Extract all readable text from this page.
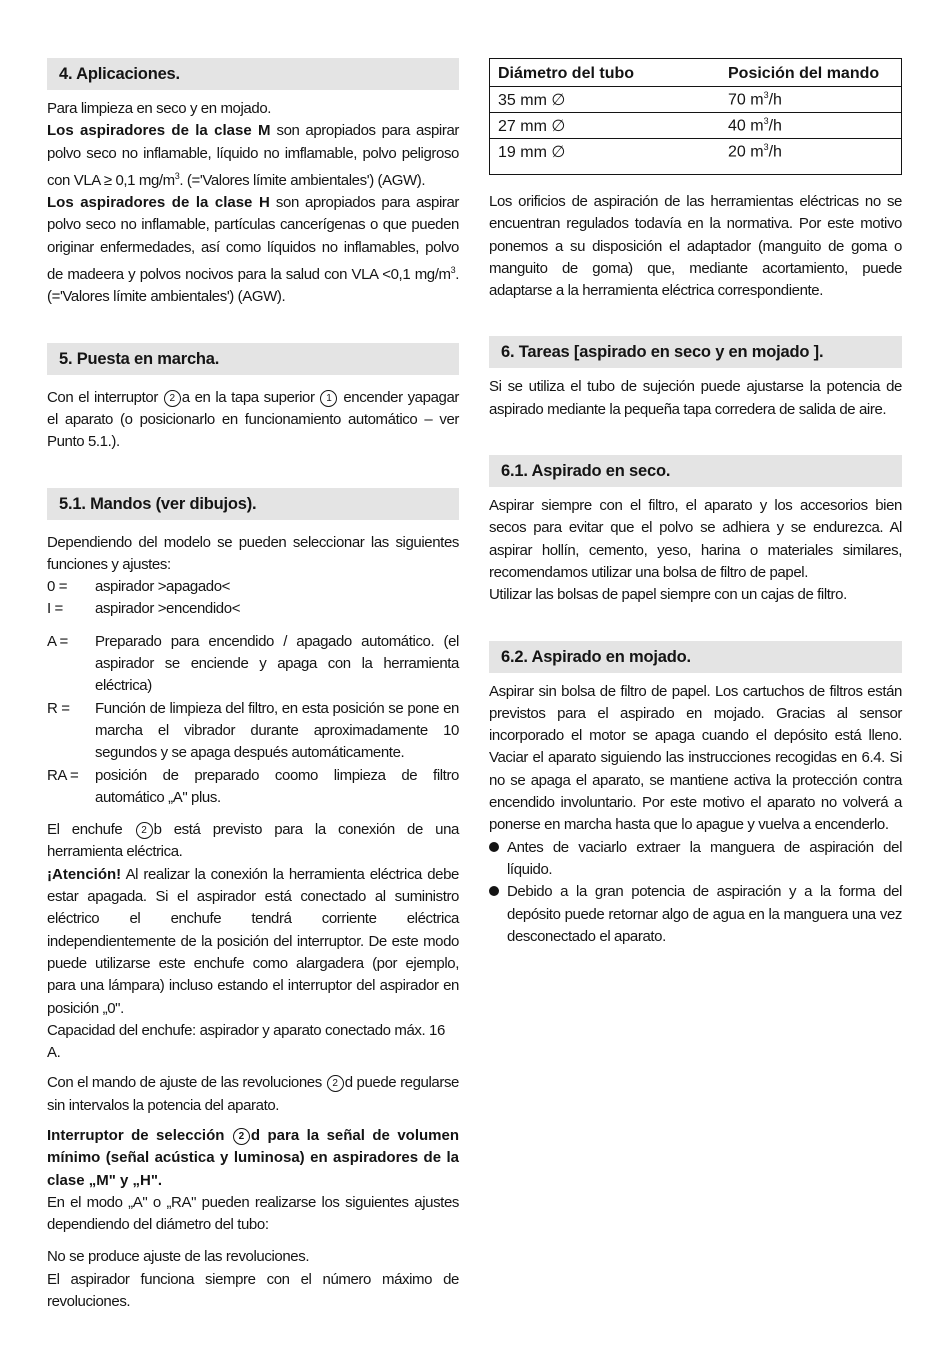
4. Aplicaciones.

Para limpieza en seco y en mojado.

Los aspiradores de la clase M son apropiados para aspirar polvo seco no inflamable, líquido no imflamable, polvo peligroso con VLA ≥ 0,1 $mg/m^3$. (='Valores límite ambientales') (AGW).

Los aspiradores de la clase H son apropiados para aspirar polvo seco no inflamable, partículas cancerígenas o que pueden originar enfermedades, así como líquidos no inflamables, polvo de madeera y polvos nocivos para la salud con VLA <0,1 $mg/m^3$. (='Valores límite ambientales') (AGW).

5. Puesta en marcha.

Con el interruptor 2 a en la tapa superior 1 encender yapagar el aparato (o posicionarlo en funcionamiento automático – ver Punto 5.1.).

5.1. Mandos (ver dibujos).

Dependiendo del modelo se pueden seleccionar las siguientes funciones y ajustes:

0 =	aspirador >apagado<
I =	aspirador >encendido<
A =	Preparado para encendido / apagado automático. (el aspirador se enciende y apaga con la herramienta eléctrica)
R =	Función de limpieza del filtro, en esta posición se pone en marcha el vibrador durante aproximadamente 10 segundos y se apaga después automáticamente.
RA =	posición de preparado coomo limpieza de filtro automático „A" plus.

El enchufe 2 b está previsto para la conexión de una herramienta eléctrica.

¡Atención! Al realizar la conexión la herramienta eléctrica debe estar apagada. Si el aspirador está conectado al suministro eléctrico el enchufe tendrá corriente eléctrica independientemente de la posición del interruptor. De este modo puede utilizarse este enchufe como alargadera (por ejemplo, para una lámpara) incluso estando el interruptor del aspirador en posición „0".

Capacidad del enchufe: aspirador y aparato conectado máx. 16 A.

Con el mando de ajuste de las revoluciones 2 d puede regularse sin intervalos la potencia del aparato.

Interruptor de selección 2 d para la señal de volumen mínimo (señal acústica y luminosa) en aspiradores de la clase „M" y „H".

En el modo „A" o „RA" pueden realizarse los siguientes ajustes dependiendo del diámetro del tubo:

No se produce ajuste de las revoluciones.

El aspirador funciona siempre con el número máximo de revoluciones.

Diámetro del tubo	Posición del mando
35 mm ∅	70 $m^3/h$
27 mm ∅	40 $m^3/h$
19 mm ∅	20 $m^3/h$

Los orificios de aspiración de las herramientas eléctricas no se encuentran regulados todavía en la normativa. Por este motivo ponemos a su disposición el adaptador (manguito de goma o manguito de goma) que, mediante acortamiento, puede adaptarse a la herramienta eléctrica correspondiente.

6. Tareas [aspirado en seco y en mojado ].

Si se utiliza el tubo de sujeción puede ajustarse la potencia de aspirado mediante la pequeña tapa corredera de salida de aire.

6.1. Aspirado en seco.

Aspirar siempre con el filtro, el aparato y los accesorios bien secos para evitar que el polvo se adhiera y se endurezca. Al aspirar hollín, cemento, yeso, harina o materiales similares, recomendamos utilizar una bolsa de filtro de papel.

Utilizar las bolsas de papel siempre con un cajas de filtro.

6.2. Aspirado en mojado.

Aspirar sin bolsa de filtro de papel. Los cartuchos de filtros están previstos para el aspirado en mojado. Gracias al sensor incorporado el motor se apaga cuando el depósito está lleno. Vaciar el aparato siguiendo las instrucciones recogidas en 6.4. Si no se apaga el aparato, se mantiene activa la protección contra encendido involuntario. Por este motivo el aparato no volverá a ponerse en marcha hasta que lo apague y vuelva a encenderlo.

Antes de vaciarlo extraer la manguera de aspiración del líquido.
Debido a la gran potencia de aspiración y a la forma del depósito puede retornar algo de agua en la manguera una vez desconectado el aparato.
